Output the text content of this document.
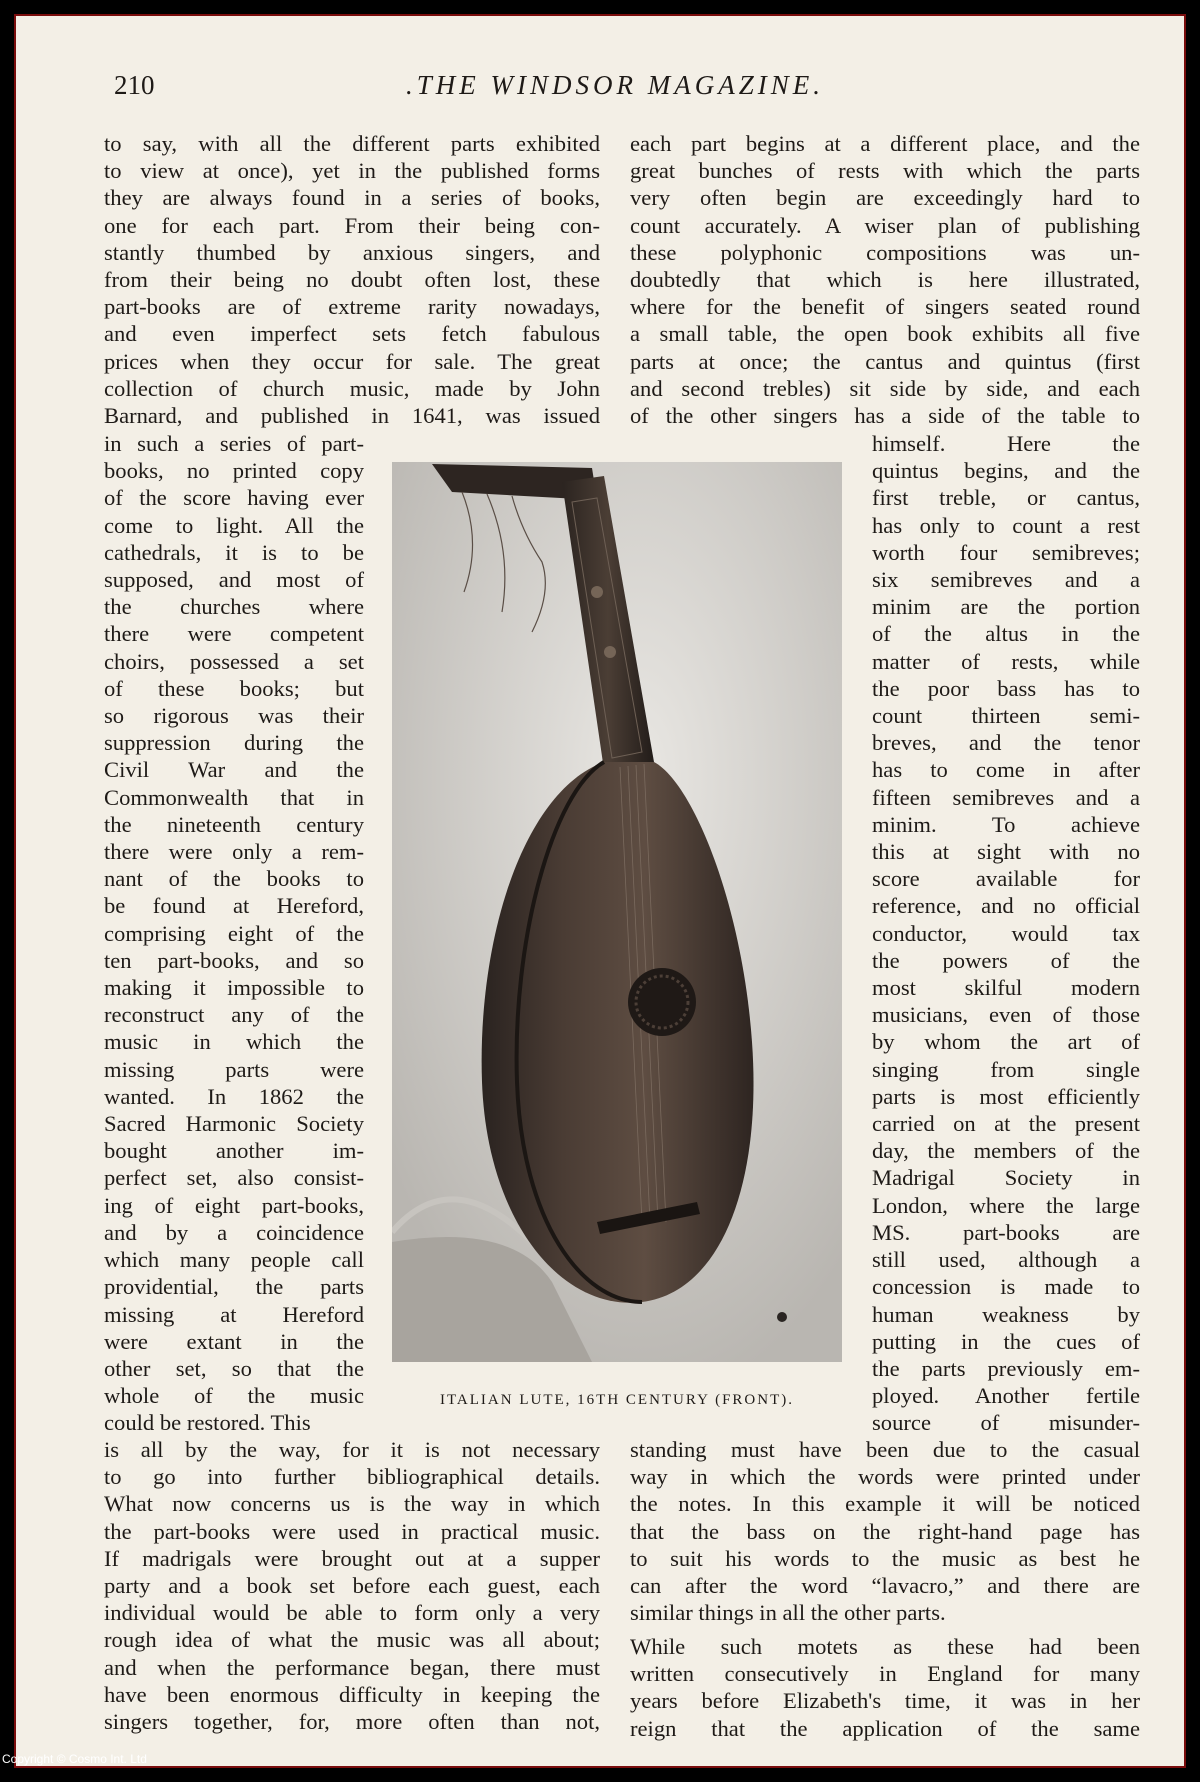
210	.THE WINDSOR MAGAZINE.
to say, with all the different parts exhibited
to view at once), yet in the published forms
they are always found in a series of books,
one for each part. From their being con-
stantly thumbed by anxious singers, and
from their being no doubt often lost, these
part-books are of extreme rarity nowadays,
and even imperfect sets fetch fabulous
prices when they occur for sale. The great
collection of church music, made by John
Barnard, and published in 1641, was issued
in such a series of part-
books, no printed copy
of the score having ever
come to light. All the
cathedrals, it is to be
supposed, and most of
the churches where
there were competent
choirs, possessed a set
of these books; but
so rigorous was their
suppression during the
Civil War and the
Commonwealth that in
the nineteenth century
there were only a rem-
nant of the books to
be found at Hereford,
comprising eight of the
ten part-books, and so
making it impossible to
reconstruct any of the
music in which the
missing parts were
wanted. In 1862 the
Sacred Harmonic Society
bought another im-
perfect set, also consist-
ing of eight part-books,
and by a coincidence
which many people call
providential, the parts
missing at Hereford
were extant in the
other set, so that the
whole of the music
could be restored. This
is all by the way, for it is not necessary
to go into further bibliographical details.
What now concerns us is the way in which
the part-books were used in practical music.
If madrigals were brought out at a supper
party and a book set before each guest, each
individual would be able to form only a very
rough idea of what the music was all about;
and when the performance began, there must
have been enormous difficulty in keeping the
singers together, for, more often than not,
each part begins at a different place, and the
great bunches of rests with which the parts
very often begin are exceedingly hard to
count accurately. A wiser plan of publishing
these polyphonic compositions was un-
doubtedly that which is here illustrated,
where for the benefit of singers seated round
a small table, the open book exhibits all five
parts at once; the cantus and quintus (first
and second trebles) sit side by side, and each
of the other singers has a side of the table to
himself. Here the
quintus begins, and the
first treble, or cantus,
has only to count a rest
worth four semibreves;
six semibreves and a
minim are the portion
of the altus in the
matter of rests, while
the poor bass has to
count thirteen semi-
breves, and the tenor
has to come in after
fifteen semibreves and a
minim. To achieve
this at sight with no
score available for
reference, and no official
conductor, would tax
the powers of the
most skilful modern
musicians, even of those
by whom the art of
singing from single
parts is most efficiently
carried on at the present
day, the members of the
Madrigal Society in
London, where the large
MS. part-books are
still used, although a
concession is made to
human weakness by
putting in the cues of
the parts previously em-
ployed. Another fertile
source of misunder-
standing must have been due to the casual
way in which the words were printed under
the notes. In this example it will be noticed
that the bass on the right-hand page has
to suit his words to the music as best he
can after the word “lavacro,” and there are
similar things in all the other parts.
While such motets as these had been
written consecutively in England for many
years before Elizabeth's time, it was in her
reign that the application of the same
ITALIAN LUTE, 16TH CENTURY (FRONT).
Copyright © Cosmo Int. Ltd
